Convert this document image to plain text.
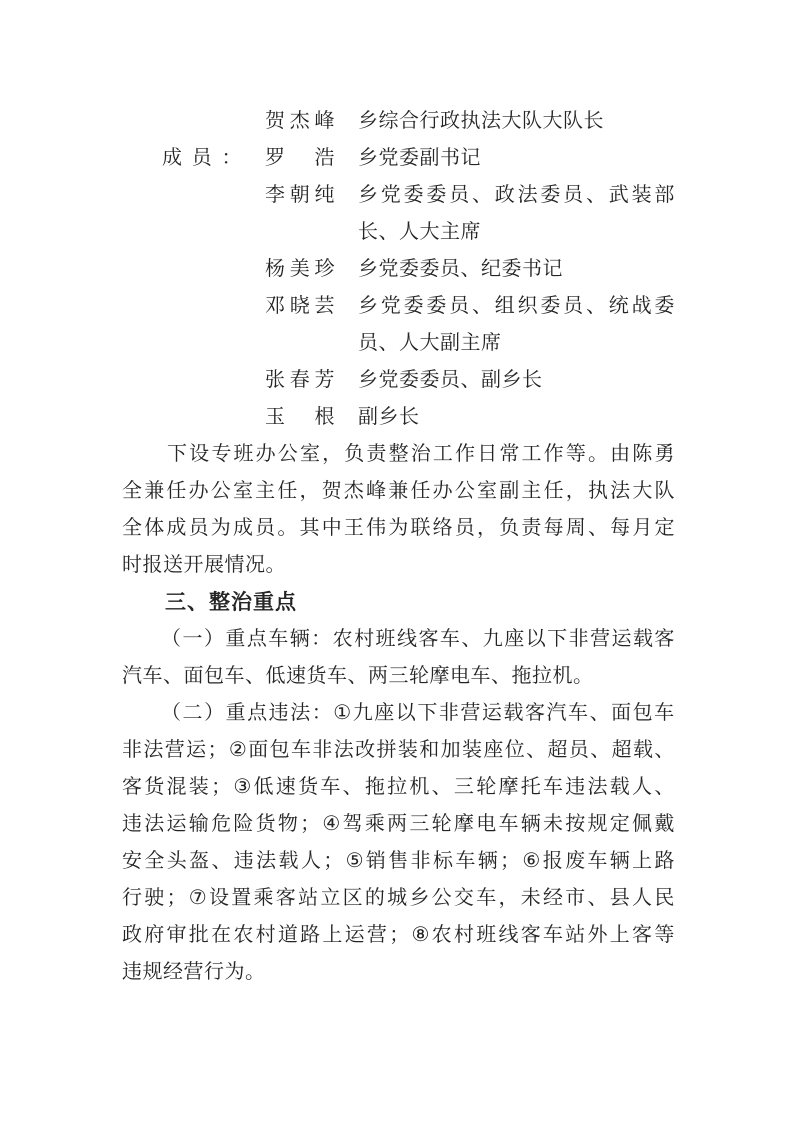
贺 杰 峰 乡综合行政执法大队大队长
成 员 ： 罗 浩 乡党委副书记
李 朝 纯 乡 党 委 委 员 、 政 法 委 员 、 武 装 部
长、人大主席
杨 美 珍 乡党委委员、纪委书记
邓 晓 芸 乡 党 委 委 员 、 组 织 委 员 、 统 战 委
员、人大副主席
张 春 芳 乡党委委员、副乡长
玉 根 副乡长
下 设 专 班 办 公 室 ， 负 责 整 治 工 作 日 常 工 作 等 。 由 陈 勇
全 兼 任 办 公 室 主 任 ， 贺 杰 峰 兼 任 办 公 室 副 主 任 ， 执 法 大 队
全 体 成 员 为 成 员 。 其 中 王 伟 为 联 络 员 ， 负 责 每 周 、 每 月 定
时报送开展情况。
三、整治重点
（ 一 ） 重 点 车 辆 ： 农 村 班 线 客 车 、 九 座 以 下 非 营 运 载 客
汽车、面包车、低速货车、两三轮摩电车、拖拉机。
（ 二 ） 重 点 违 法 ： ① 九 座 以 下 非 营 运 载 客 汽 车 、 面 包 车
非 法 营 运 ； ② 面 包 车 非 法 改 拼 装 和 加 装 座 位 、 超 员 、 超 载 、
客 货 混 装 ； ③ 低 速 货 车 、 拖 拉 机 、 三 轮 摩 托 车 违 法 载 人 、
违 法 运 输 危 险 货 物 ； ④ 驾 乘 两 三 轮 摩 电 车 辆 未 按 规 定 佩 戴
安 全 头 盔 、 违 法 载 人 ； ⑤ 销 售 非 标 车 辆 ； ⑥ 报 废 车 辆 上 路
行 驶 ； ⑦ 设 置 乘 客 站 立 区 的 城 乡 公 交 车 ， 未 经 市 、 县 人 民
政 府 审 批 在 农 村 道 路 上 运 营 ； ⑧ 农 村 班 线 客 车 站 外 上 客 等
违规经营行为。
